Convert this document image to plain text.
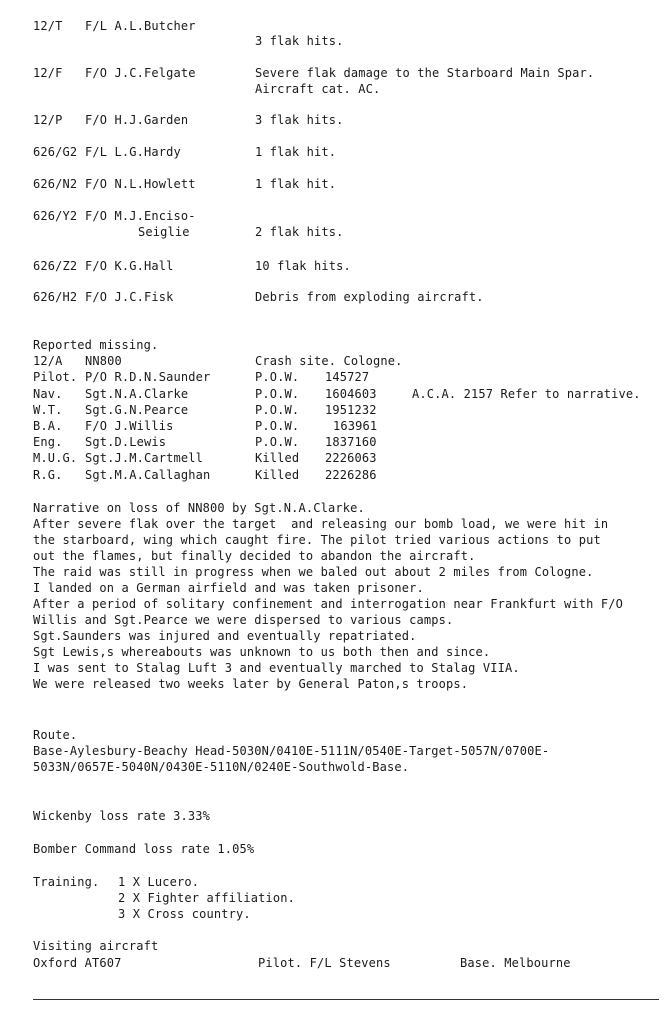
12/T F/L A.L.Butcher
3 flak hits.
12/F F/O J.C.Felgate	Severe flak damage to the Starboard Main Spar.
Aircraft cat. AC.
12/P F/O H.J.Garden	3 flak hits.
626/G2 F/L L.G.Hardy	1 flak hit.
626/N2 F/O N.L.Howlett	1 flak hit.
626/Y2 F/O M.J.Enciso-
Seiglie	2 flak hits.
626/Z2 F/O K.G.Hall	10 flak hits.
626/H2 F/O J.C.Fisk	Debris from exploding aircraft.
Reported missing.
12/A NN800	Crash site. Cologne.
Pilot. P/O R.D.N.Saunder	P.O.W. 145727
Nav. Sgt.N.A.Clarke	P.O.W. 1604603	A.C.A. 2157 Refer to narrative.
W.T. Sgt.G.N.Pearce	P.O.W. 1951232
B.A. F/O J.Willis	P.O.W.	163961
Eng. Sgt.D.Lewis	P.O.W. 1837160
M.U.G. Sgt.J.M.Cartmell	Killed 2226063
R.G. Sgt.M.A.Callaghan	Killed 2226286
Narrative on loss of NN800 by Sgt.N.A.Clarke.
After severe flak over the target  and releasing our bomb load, we were hit in
the starboard, wing which caught fire. The pilot tried various actions to put
out the flames, but finally decided to abandon the aircraft.
The raid was still in progress when we baled out about 2 miles from Cologne.
I landed on a German airfield and was taken prisoner.
After a period of solitary confinement and interrogation near Frankfurt with F/O
Willis and Sgt.Pearce we were dispersed to various camps.
Sgt.Saunders was injured and eventually repatriated.
Sgt Lewis,s whereabouts was unknown to us both then and since.
I was sent to Stalag Luft 3 and eventually marched to Stalag VIIA.
We were released two weeks later by General Paton,s troops.
Route.
Base-Aylesbury-Beachy Head-5030N/0410E-5111N/0540E-Target-5057N/0700E-
5033N/0657E-5040N/0430E-5110N/0240E-Southwold-Base.
Wickenby loss rate 3.33%
Bomber Command loss rate 1.05%
Training. 1 X Lucero.
2 X Fighter affiliation.
3 X Cross country.
Visiting aircraft
Oxford AT607	Pilot. F/L Stevens	Base. Melbourne
